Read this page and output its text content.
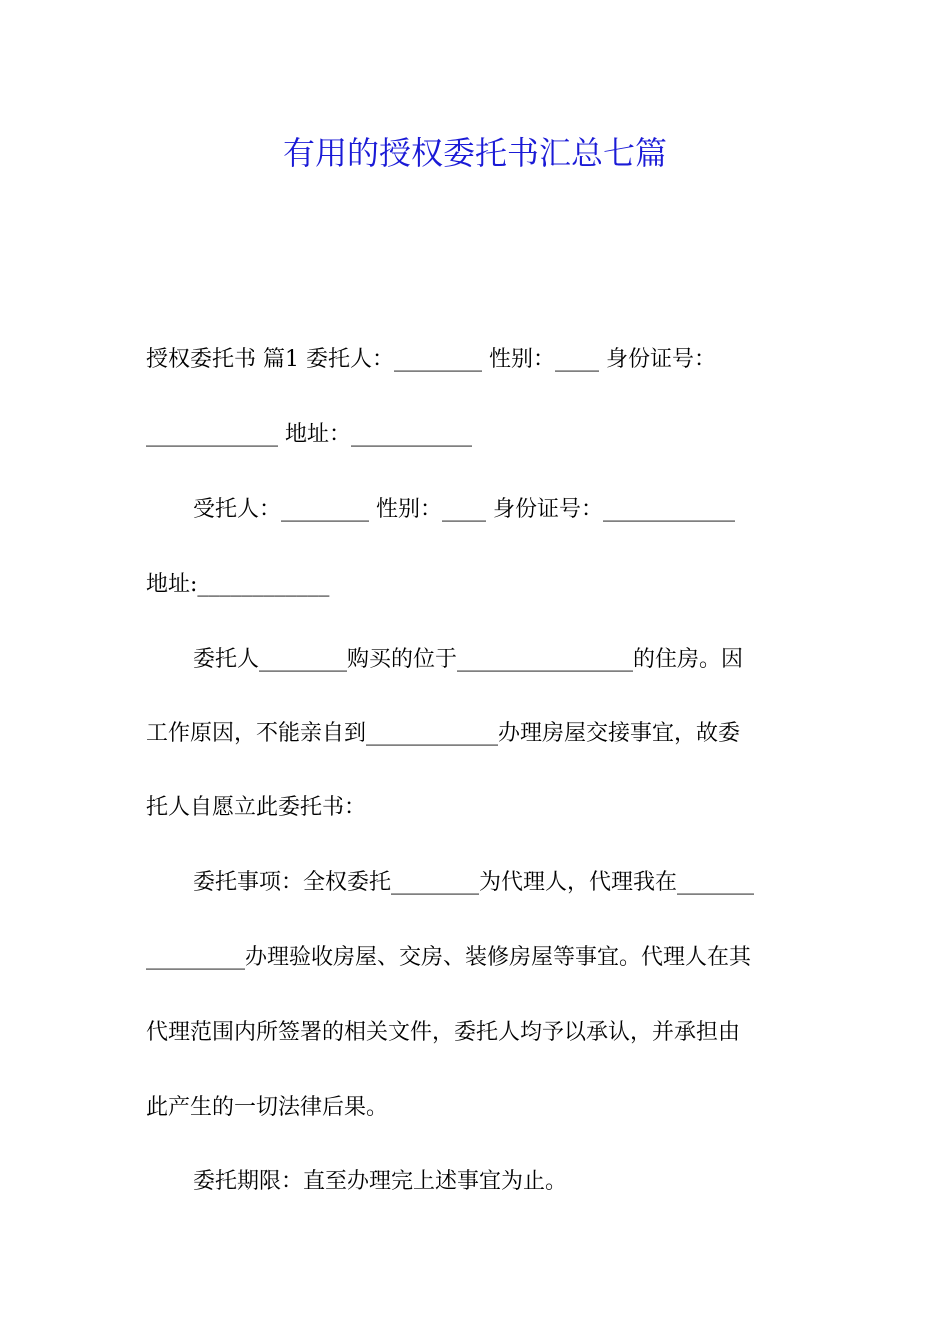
有用的授权委托书汇总七篇
授权委托书 篇1 委托人：________ 性别：____ 身份证号：
____________ 地址：___________
受托人：________ 性别：____ 身份证号：____________
地址:____________
委托人________购买的位于________________的住房。因
工作原因，不能亲自到____________办理房屋交接事宜，故委
托人自愿立此委托书：
委托事项：全权委托________为代理人，代理我在_______
_________办理验收房屋、交房、装修房屋等事宜。代理人在其
代理范围内所签署的相关文件，委托人均予以承认，并承担由
此产生的一切法律后果。
委托期限：直至办理完上述事宜为止。
